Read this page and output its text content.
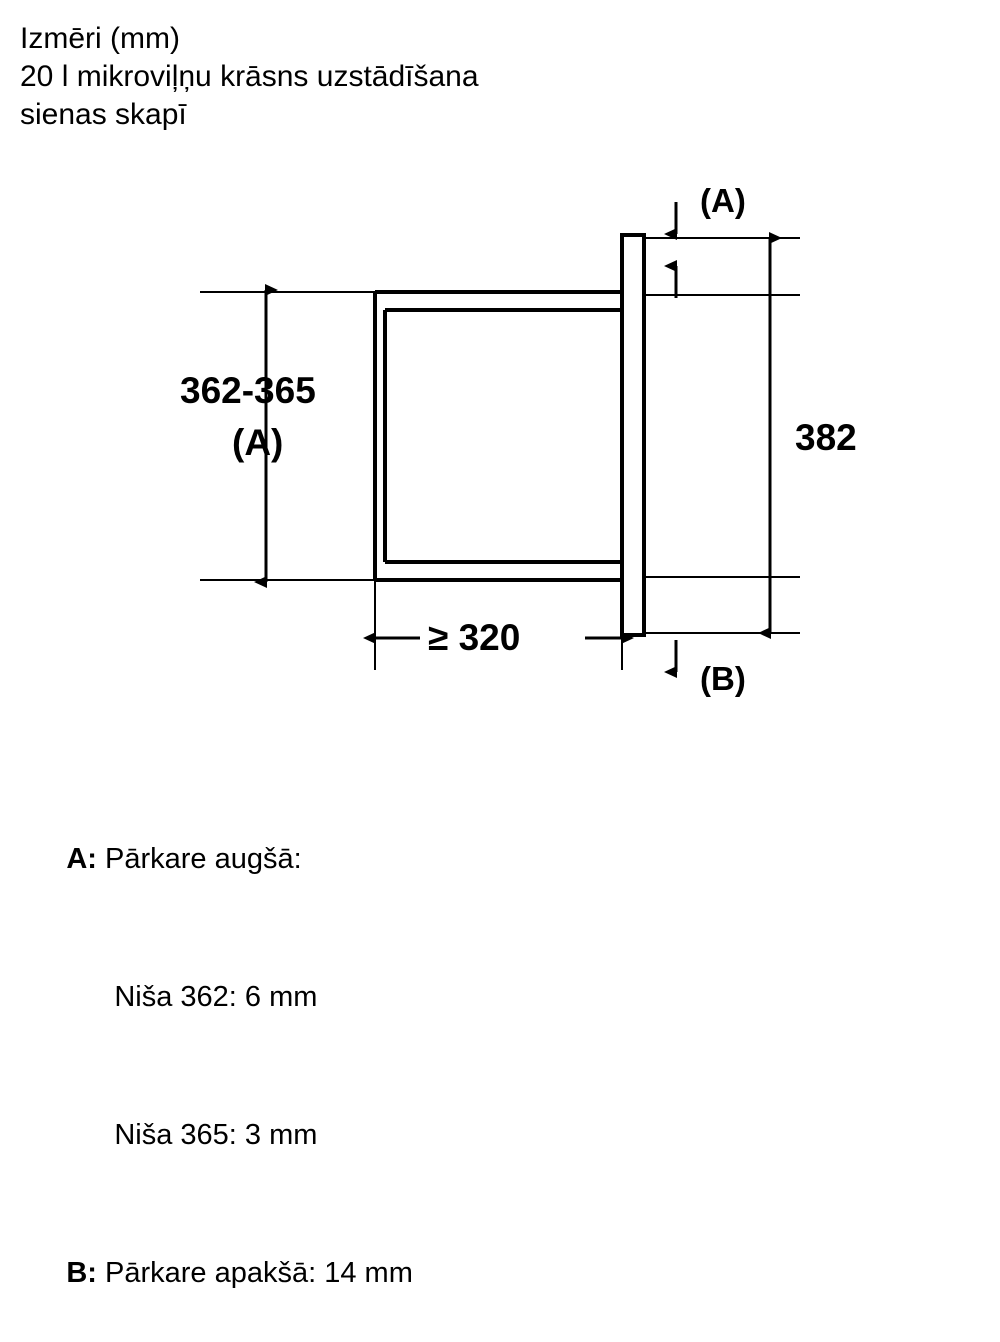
Izmēri (mm)
20 l mikroviļņu krāsns uzstādīšana
sienas skapī
(A)
(B)
382
362-365
(A)
≥ 320

A: Pārkare augšā:

Niša 362: 6 mm

Niša 365: 3 mm

B: Pārkare apakšā: 14 mm
